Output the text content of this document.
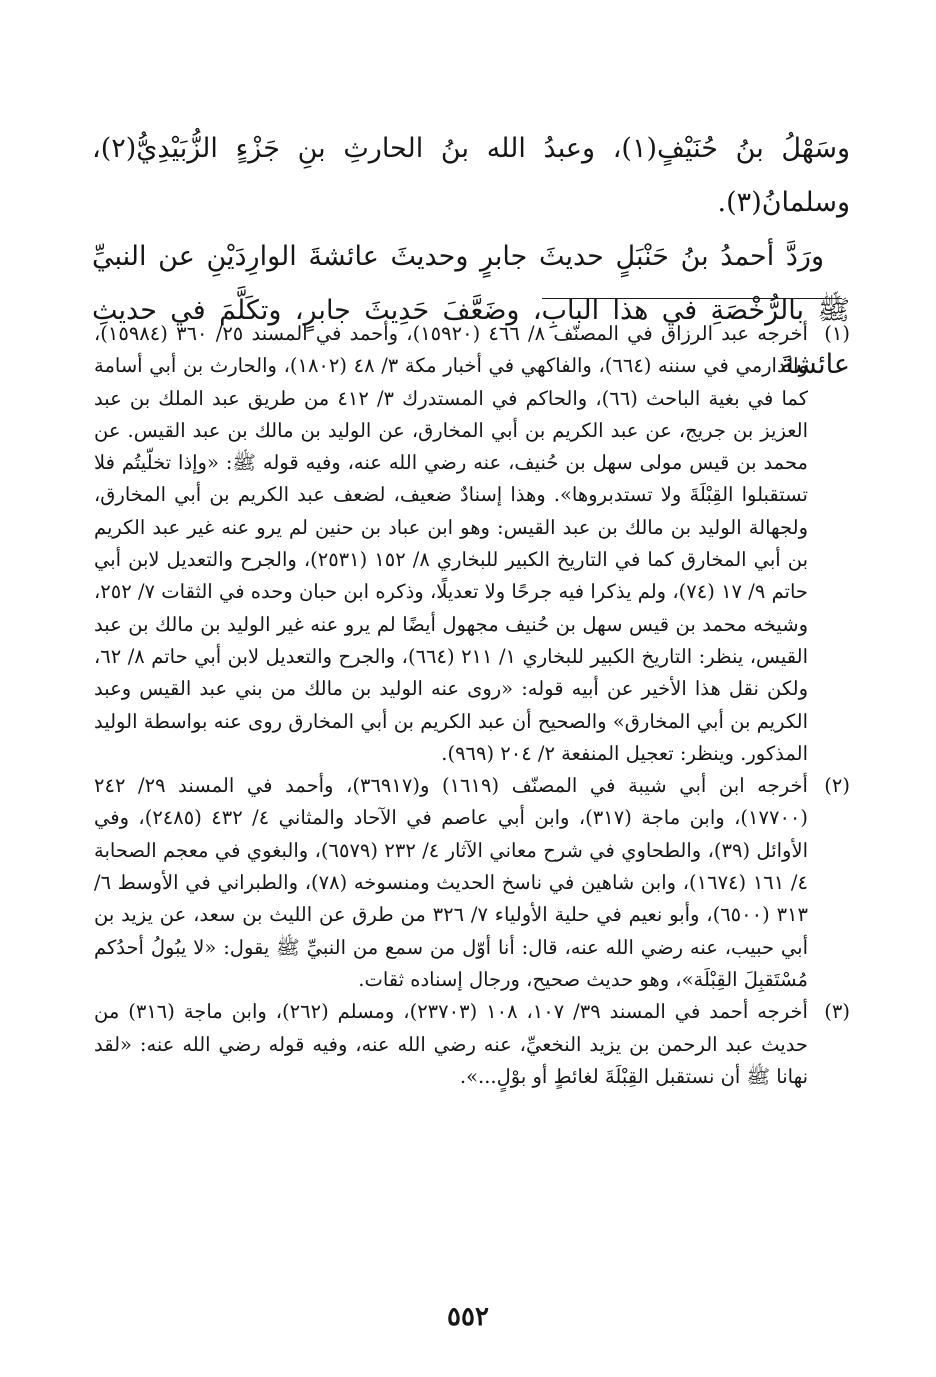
وسَهْلُ بنُ حُنَيْفٍ(١)، وعبدُ الله بنُ الحارثِ بنِ جَزْءٍ الزُّبَيْدِيُّ(٢)، وسلمانُ(٣).

ورَدَّ أحمدُ بنُ حَنْبَلٍ حديثَ جابرٍ وحديثَ عائشةَ الوارِدَيْنِ عن النبيِّ ﷺ بالرُّخْصَةِ في هذا البابِ، وضَعَّفَ حَدِيثَ جابرٍ، وتكَلَّمَ في حديثِ عائشةَ

(١)
أخرجه عبد الرزاق في المصنّف ٨/ ٤٦٦ (١٥٩٢٠)، وأحمد في المسند ٢٥/ ٣٦٠ (١٥٩٨٤)، والدارمي في سننه (٦٦٤)، والفاكهي في أخبار مكة ٣/ ٤٨ (١٨٠٢)، والحارث بن أبي أسامة كما في بغية الباحث (٦٦)، والحاكم في المستدرك ٣/ ٤١٢ من طريق عبد الملك بن عبد العزيز بن جريج، عن عبد الكريم بن أبي المخارق، عن الوليد بن مالك بن عبد القيس. عن محمد بن قيس مولى سهل بن حُنيف، عنه رضي الله عنه، وفيه قوله ﷺ: «وإذا تخلّيتُم فلا تستقبلوا القِبْلَةَ ولا تستدبروها». وهذا إسنادٌ ضعيف، لضعف عبد الكريم بن أبي المخارق، ولجهالة الوليد بن مالك بن عبد القيس: وهو ابن عباد بن حنين لم يرو عنه غير عبد الكريم بن أبي المخارق كما في التاريخ الكبير للبخاري ٨/ ١٥٢ (٢٥٣١)، والجرح والتعديل لابن أبي حاتم ٩/ ١٧ (٧٤)، ولم يذكرا فيه جرحًا ولا تعديلًا، وذكره ابن حبان وحده في الثقات ٧/ ٢٥٢، وشيخه محمد بن قيس سهل بن حُنيف مجهول أيضًا لم يرو عنه غير الوليد بن مالك بن عبد القيس، ينظر: التاريخ الكبير للبخاري ١/ ٢١١ (٦٦٤)، والجرح والتعديل لابن أبي حاتم ٨/ ٦٢، ولكن نقل هذا الأخير عن أبيه قوله: «روى عنه الوليد بن مالك من بني عبد القيس وعبد الكريم بن أبي المخارق» والصحيح أن عبد الكريم بن أبي المخارق روى عنه بواسطة الوليد المذكور. وينظر: تعجيل المنفعة ٢/ ٢٠٤ (٩٦٩).

(٢)
أخرجه ابن أبي شيبة في المصنّف (١٦١٩) و(٣٦٩١٧)، وأحمد في المسند ٢٩/ ٢٤٢ (١٧٧٠٠)، وابن ماجة (٣١٧)، وابن أبي عاصم في الآحاد والمثاني ٤/ ٤٣٢ (٢٤٨٥)، وفي الأوائل (٣٩)، والطحاوي في شرح معاني الآثار ٤/ ٢٣٢ (٦٥٧٩)، والبغوي في معجم الصحابة ٤/ ١٦١ (١٦٧٤)، وابن شاهين في ناسخ الحديث ومنسوخه (٧٨)، والطبراني في الأوسط ٦/ ٣١٣ (٦٥٠٠)، وأبو نعيم في حلية الأولياء ٧/ ٣٢٦ من طرق عن الليث بن سعد، عن يزيد بن أبي حبيب، عنه رضي الله عنه، قال: أنا أوّل من سمع من النبيِّ ﷺ يقول: «لا يبُولُ أحدُكم مُسْتَقبِلَ القِبْلَة»، وهو حديث صحيح، ورجال إسناده ثقات.

(٣)
أخرجه أحمد في المسند ٣٩/ ١٠٧، ١٠٨ (٢٣٧٠٣)، ومسلم (٢٦٢)، وابن ماجة (٣١٦) من حديث عبد الرحمن بن يزيد النخعيِّ، عنه رضي الله عنه، وفيه قوله رضي الله عنه: «لقد نهانا ﷺ أن نستقبل القِبْلَةَ لغائطٍ أو بوْلٍ...».

٥٥٢
